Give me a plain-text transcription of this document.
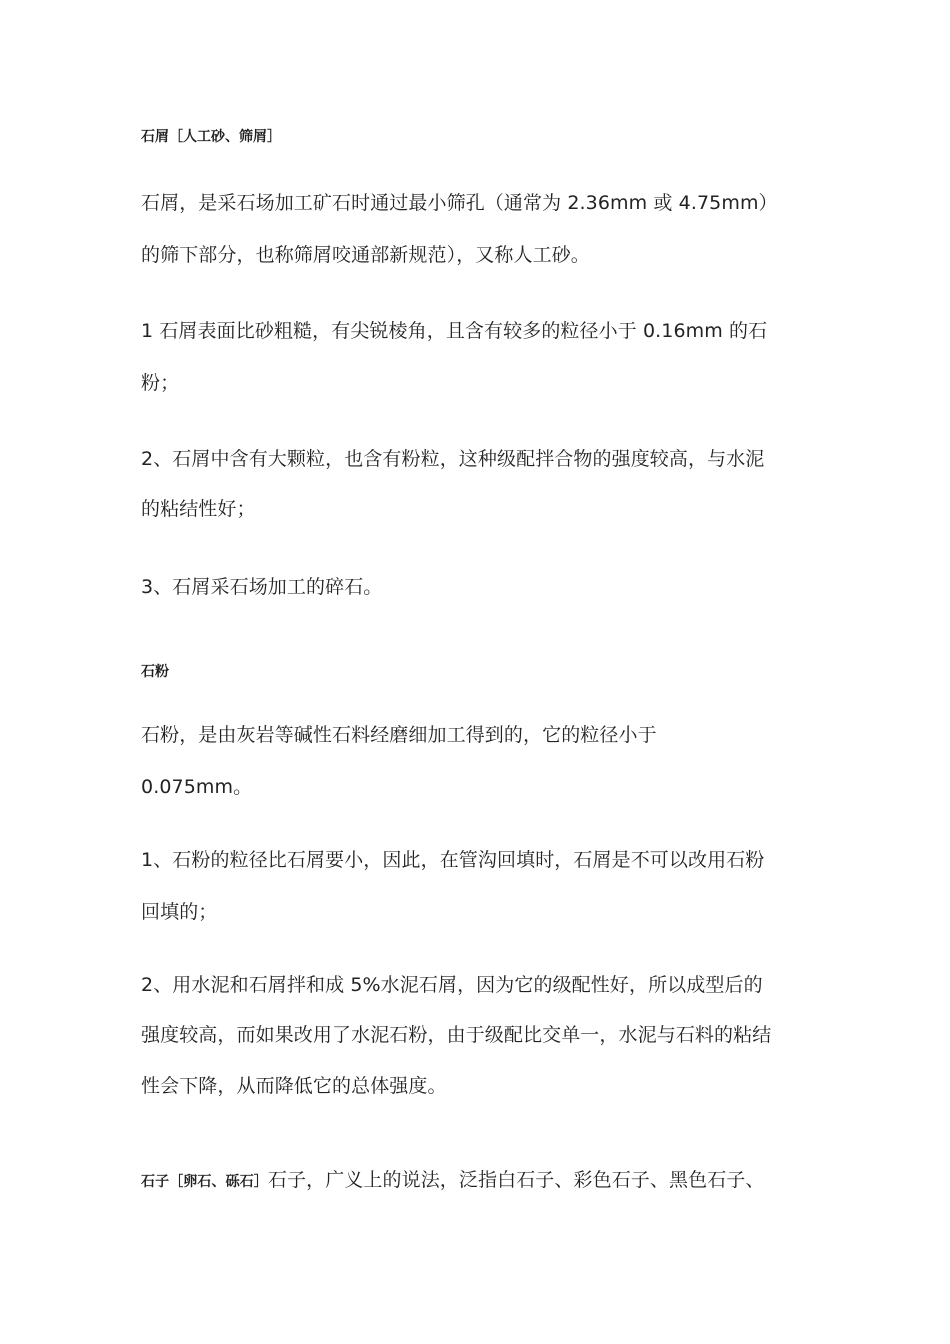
石屑［人工砂、筛屑］

石屑，是采石场加工矿石时通过最小筛孔（通常为 2.36mm 或 4.75mm）

的筛下部分，也称筛屑咬通部新规范），又称人工砂。

1 石屑表面比砂粗糙，有尖锐棱角，且含有较多的粒径小于 0.16mm 的石

粉；

2、石屑中含有大颗粒，也含有粉粒，这种级配拌合物的强度较高，与水泥

的粘结性好；

3、石屑采石场加工的碎石。

石粉

石粉，是由灰岩等碱性石料经磨细加工得到的，它的粒径小于

0.075mm。

1、石粉的粒径比石屑要小，因此，在管沟回填时，石屑是不可以改用石粉

回填的；

2、用水泥和石屑拌和成 5%水泥石屑，因为它的级配性好，所以成型后的

强度较高，而如果改用了水泥石粉，由于级配比交单一，水泥与石料的粘结

性会下降，从而降低它的总体强度。

石子［卵石、砾石］石子，广义上的说法，泛指白石子、彩色石子、黑色石子、
